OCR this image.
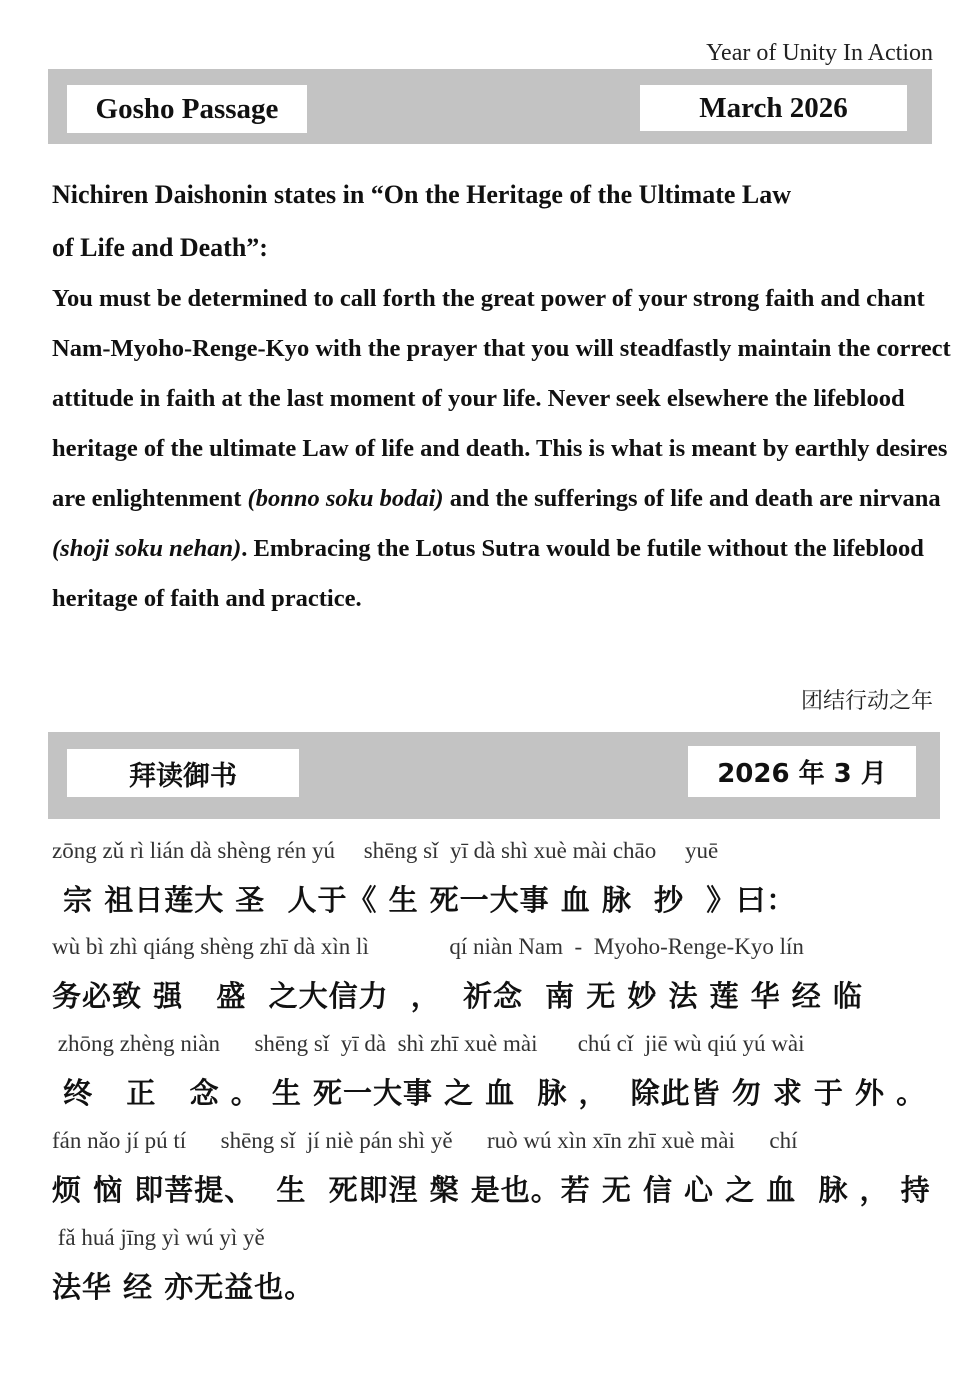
Year of Unity In Action
Gosho Passage	March 2026

Nichiren Daishonin states in “On the Heritage of the Ultimate Law
of Life and Death”:

You must be determined to call forth the great power of your strong faith and chant Nam-Myoho-Renge-Kyo with the prayer that you will steadfastly maintain the correct attitude in faith at the last moment of your life. Never seek elsewhere the lifeblood heritage of the ultimate Law of life and death. This is what is meant by earthly desires are enlightenment (bonno soku bodai) and the sufferings of life and death are nirvana (shoji soku nehan). Embracing the Lotus Sutra would be futile without the lifeblood heritage of faith and practice.

团结行动之年
拜读御书	2026 年 3 月
zōng zǔ rì lián dà shèng rén yú     shēng sǐ  yī dà shì xuè mài chāo     yuē
宗 祖日莲大 圣  人于《 生 死一大事 血 脉  抄  》曰：
wù bì zhì qiáng shèng zhī dà xìn lì              qí niàn Nam  -  Myoho-Renge-Kyo lín
务必致 强   盛  之大信力  ，  祈念  南 无 妙 法 莲 华 经 临
zhōng zhèng niàn      shēng sǐ  yī dà  shì zhī xuè mài       chú cǐ  jiē wù qiú yú wài
终   正   念 。 生 死一大事 之 血  脉 ，  除此皆 勿 求 于 外 。
fán nǎo jí pú tí      shēng sǐ  jí niè pán shì yě      ruò wú xìn xīn zhī xuè mài      chí
烦 恼 即菩提、  生  死即涅 槃 是也。若 无 信 心 之 血  脉 ， 持
fǎ huá jīng yì wú yì yě
法华 经 亦无益也。
